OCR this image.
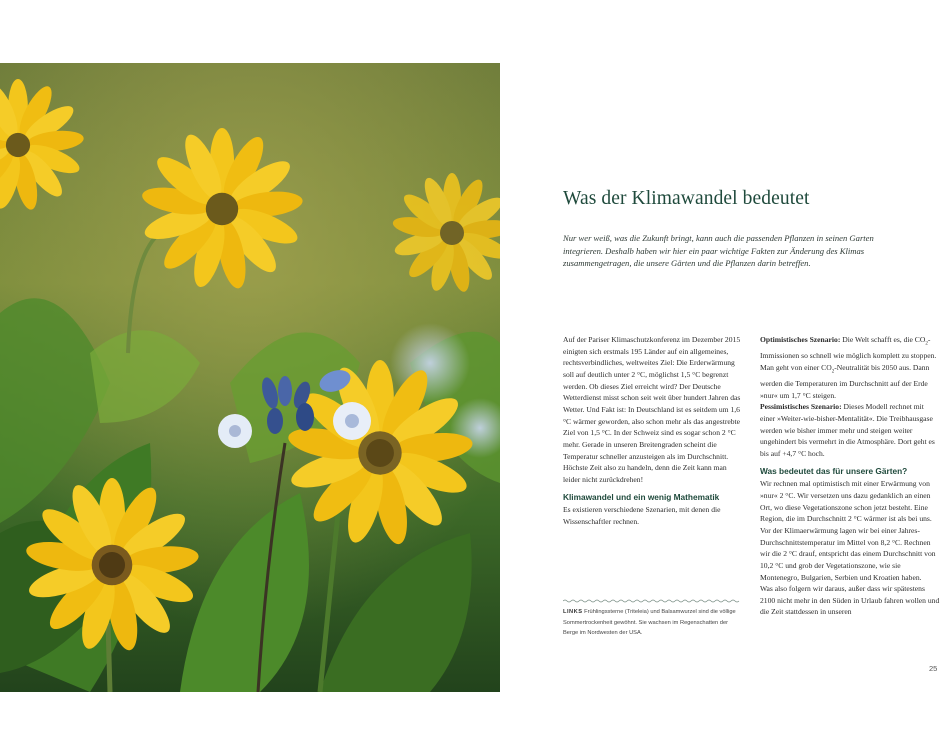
Was der Klimawandel bedeutet
Nur wer weiß, was die Zukunft bringt, kann auch die passenden Pflanzen in seinen Garten integrieren. Deshalb haben wir hier ein paar wichtige Fakten zur Änderung des Klimas zusammengetragen, die unsere Gärten und die Pflanzen darin betreffen.

Auf der Pariser Klimaschutzkonferenz im Dezember 2015 einigten sich erstmals 195 Länder auf ein allgemeines, rechtsverbindliches, weltweites Ziel: Die Erderwärmung soll auf deutlich unter 2 °C, möglichst 1,5 °C begrenzt werden. Ob dieses Ziel erreicht wird? Der Deutsche Wetterdienst misst schon seit weit über hundert Jahren das Wetter. Und Fakt ist: In Deutschland ist es seitdem um 1,6 °C wärmer geworden, also schon mehr als das angestrebte Ziel von 1,5 °C. In der Schweiz sind es sogar schon 2 °C mehr. Gerade in unseren Breitengraden scheint die Temperatur schneller anzusteigen als im Durchschnitt. Höchste Zeit also zu handeln, denn die Zeit kann man leider nicht zurückdrehen!

Klimawandel und ein wenig Mathematik

Es existieren verschiedene Szenarien, mit denen die Wissenschaftler rechnen.

LINKS Frühlingssterne (Triteleia) und Balsamwurzel sind die völlige Sommertrockenheit gewöhnt. Sie wachsen im Regenschatten der Berge im Nordwesten der USA.

Optimistisches Szenario: Die Welt schafft es, die $CO_2$-Immissionen so schnell wie möglich komplett zu stoppen. Man geht von einer $CO_2$-Neutralität bis 2050 aus. Dann werden die Temperaturen im Durchschnitt auf der Erde »nur« um 1,7 °C steigen.

Pessimistisches Szenario: Dieses Modell rechnet mit einer »Weiter-wie-bisher-Mentalität«. Die Treibhausgase werden wie bisher immer mehr und steigen weiter ungehindert bis vermehrt in die Atmosphäre. Dort geht es bis auf +4,7 °C hoch.

Was bedeutet das für unsere Gärten?

Wir rechnen mal optimistisch mit einer Erwärmung von »nur« 2 °C. Wir versetzen uns dazu gedanklich an einen Ort, wo diese Vegetationszone schon jetzt besteht. Eine Region, die im Durchschnitt 2 °C wärmer ist als bei uns. Vor der Klimaerwärmung lagen wir bei einer Jahres-Durchschnittstemperatur im Mittel von 8,2 °C. Rechnen wir die 2 °C drauf, entspricht das einem Durchschnitt von 10,2 °C und grob der Vegetationszone, wie sie Montenegro, Bulgarien, Serbien und Kroatien haben.

Was also folgern wir daraus, außer dass wir spätestens 2100 nicht mehr in den Süden in Urlaub fahren wollen und die Zeit stattdessen in unseren

25
